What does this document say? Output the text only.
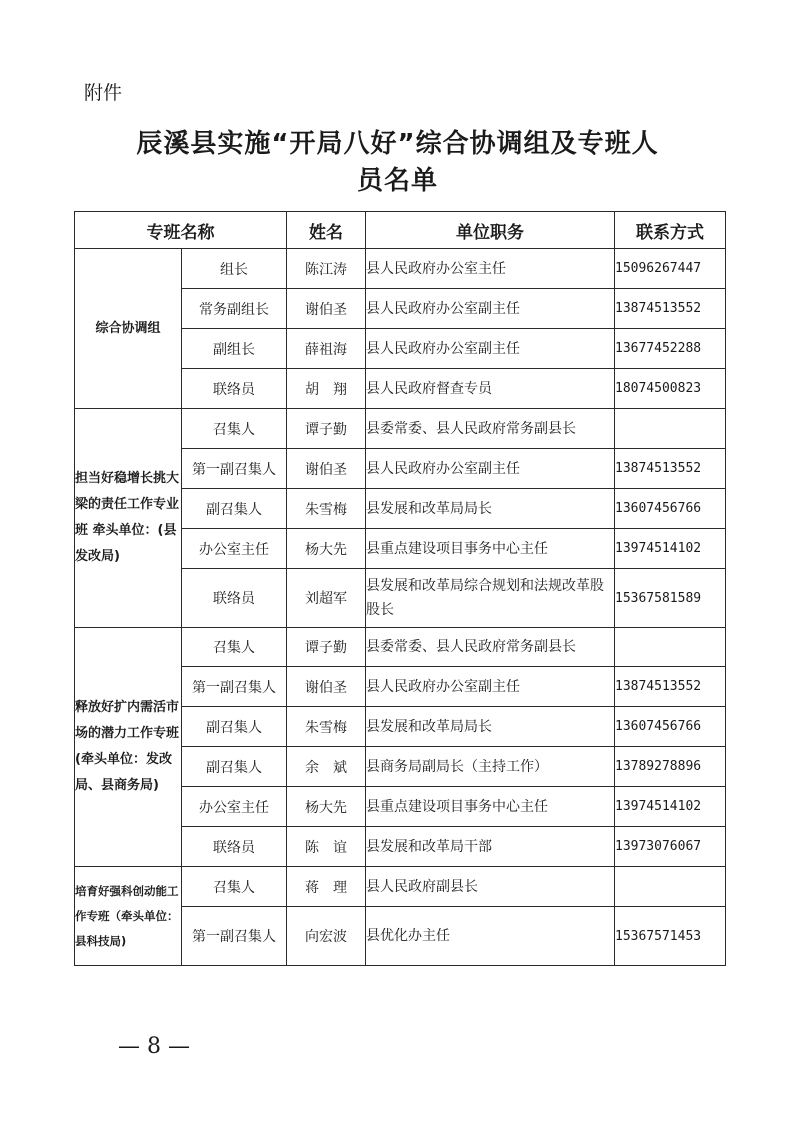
附件
辰溪县实施“开局八好”综合协调组及专班人
员名单
专班名称		姓名	单位职务	联系方式
综合协调组	组长	陈江涛	县人民政府办公室主任	15096267447
	常务副组长	谢伯圣	县人民政府办公室副主任	13874513552
	副组长	薛祖海	县人民政府办公室副主任	13677452288
	联络员	胡　翔	县人民政府督查专员	18074500823
担当好稳增长挑大梁的责任工作专业班 牵头单位：(县发改局)	召集人	谭子勤	县委常委、县人民政府常务副县长	
	第一副召集人	谢伯圣	县人民政府办公室副主任	13874513552
	副召集人	朱雪梅	县发展和改革局局长	13607456766
	办公室主任	杨大先	县重点建设项目事务中心主任	13974514102
	联络员	刘超军	县发展和改革局综合规划和法规改革股股长	15367581589
释放好扩内需活市场的潜力工作专班(牵头单位：发改局、县商务局)	召集人	谭子勤	县委常委、县人民政府常务副县长	
	第一副召集人	谢伯圣	县人民政府办公室副主任	13874513552
	副召集人	朱雪梅	县发展和改革局局长	13607456766
	副召集人	余　斌	县商务局副局长（主持工作）	13789278896
	办公室主任	杨大先	县重点建设项目事务中心主任	13974514102
	联络员	陈　谊	县发展和改革局干部	13973076067
培育好强科创动能工作专班（牵头单位：县科技局)	召集人	蒋　理	县人民政府副县长	
	第一副召集人	向宏波	县优化办主任	15367571453
— 8 —
